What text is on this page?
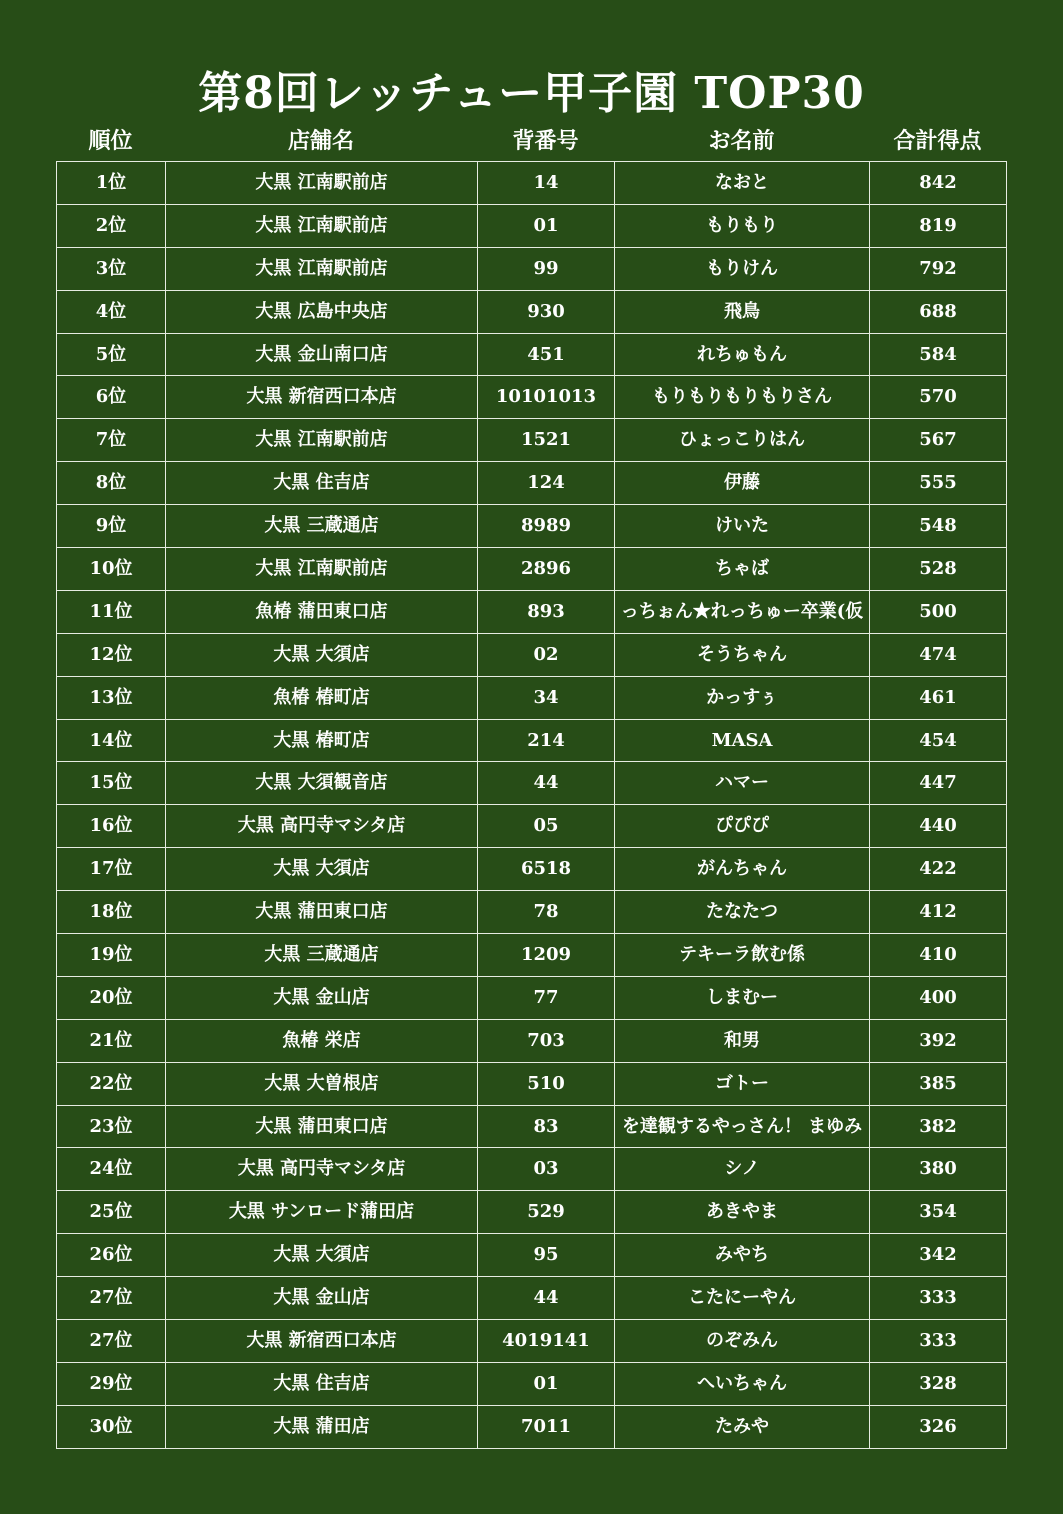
第8回レッチュー甲子園 TOP30
順位	店舗名	背番号	お名前	合計得点
1位	大黒 江南駅前店	14	なおと	842
2位	大黒 江南駅前店	01	もりもり	819
3位	大黒 江南駅前店	99	もりけん	792
4位	大黒 広島中央店	930	飛鳥	688
5位	大黒 金山南口店	451	れちゅもん	584
6位	大黒 新宿西口本店	10101013	もりもりもりもりさん	570
7位	大黒 江南駅前店	1521	ひょっこりはん	567
8位	大黒 住吉店	124	伊藤	555
9位	大黒 三蔵通店	8989	けいた	548
10位	大黒 江南駅前店	2896	ちゃば	528
11位	魚椿 蒲田東口店	893	っちぉん★れっちゅー卒業(仮	500
12位	大黒 大須店	02	そうちゃん	474
13位	魚椿 椿町店	34	かっすぅ	461
14位	大黒 椿町店	214	MASA	454
15位	大黒 大須観音店	44	ハマー	447
16位	大黒 高円寺マシタ店	05	ぴぴぴ	440
17位	大黒 大須店	6518	がんちゃん	422
18位	大黒 蒲田東口店	78	たなたつ	412
19位	大黒 三蔵通店	1209	テキーラ飲む係	410
20位	大黒 金山店	77	しまむー	400
21位	魚椿 栄店	703	和男	392
22位	大黒 大曽根店	510	ゴトー	385
23位	大黒 蒲田東口店	83	を達観するやっさん！ まゆみ	382
24位	大黒 高円寺マシタ店	03	シノ	380
25位	大黒 サンロード蒲田店	529	あきやま	354
26位	大黒 大須店	95	みやち	342
27位	大黒 金山店	44	こたにーやん	333
27位	大黒 新宿西口本店	4019141	のぞみん	333
29位	大黒 住吉店	01	へいちゃん	328
30位	大黒 蒲田店	7011	たみや	326
